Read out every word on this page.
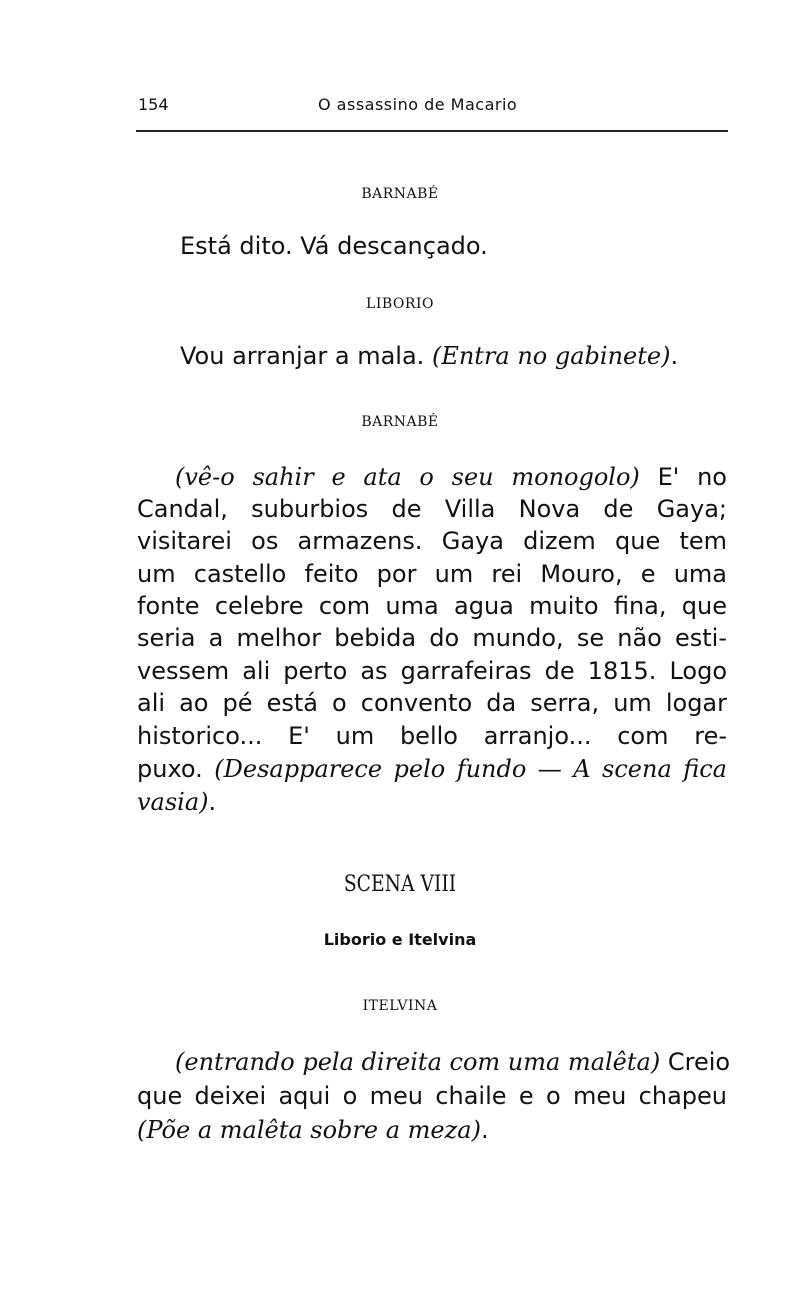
154	O assassino de Macario
BARNABÉ
Está dito. Vá descançado.
LIBORIO
Vou arranjar a mala. (Entra no gabinete).
BARNABÉ
(vê-o sahir e ata o seu monogolo) E' no
Candal, suburbios de Villa Nova de Gaya;
visitarei os armazens. Gaya dizem que tem
um castello feito por um rei Mouro, e uma
fonte celebre com uma agua muito fina, que
seria a melhor bebida do mundo, se não esti-
vessem ali perto as garrafeiras de 1815. Logo
ali ao pé está o convento da serra, um logar
historico... E' um bello arranjo... com re-
puxo. (Desapparece pelo fundo — A scena fica
vasia).
SCENA VIII
Liborio e Itelvina
ITELVINA
(entrando pela direita com uma malêta) Creio
que deixei aqui o meu chaile e o meu chapeu
(Põe a malêta sobre a meza).
